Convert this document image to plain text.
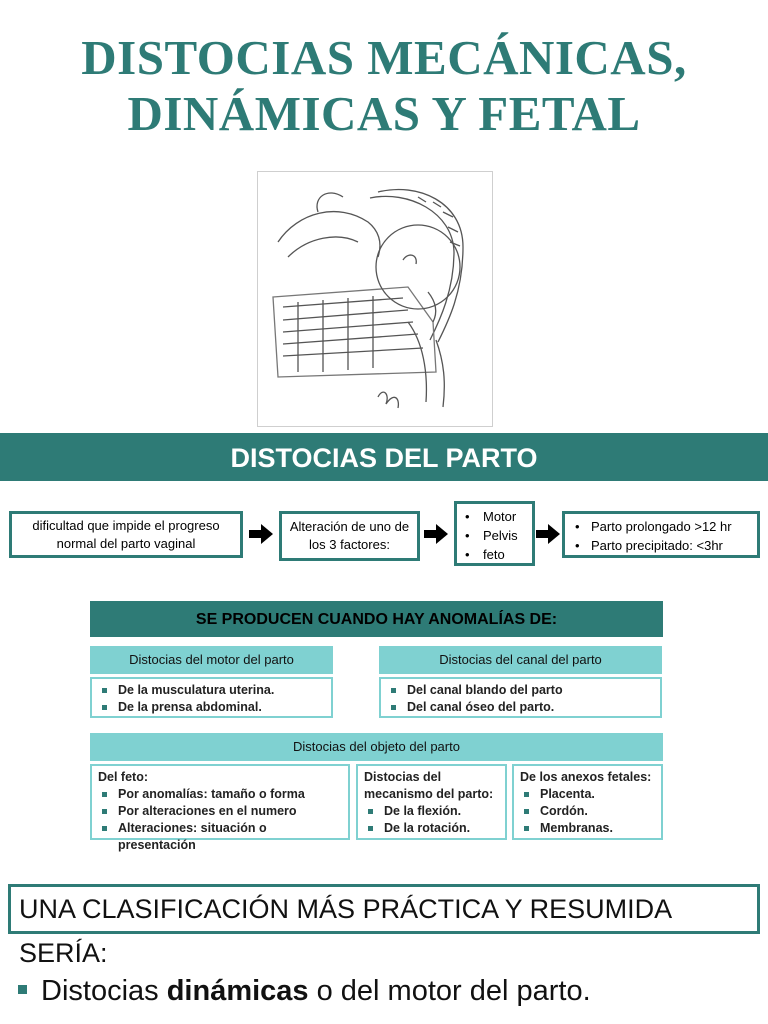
DISTOCIAS MECÁNICAS,
DINÁMICAS Y FETAL
DISTOCIAS DEL PARTO
dificultad que impide el progreso normal del parto vaginal
Alteración de uno de los 3 factores:
• Motor
• Pelvis
• feto
• Parto prolongado >12 hr
• Parto precipitado: <3hr
SE PRODUCEN CUANDO HAY ANOMALÍAS DE:
Distocias del motor del parto
De la musculatura uterina.
De la prensa abdominal.
Distocias del canal del parto
Del canal blando del parto
Del canal óseo del parto.
Distocias del objeto del parto
Del feto:
Por anomalías: tamaño o forma
Por alteraciones en el numero
Alteraciones: situación o presentación
Distocias del mecanismo del parto:
De la flexión.
De la rotación.
De los anexos fetales:
Placenta.
Cordón.
Membranas.
UNA CLASIFICACIÓN MÁS PRÁCTICA Y RESUMIDA SERÍA:
Distocias dinámicas o del motor del parto.
